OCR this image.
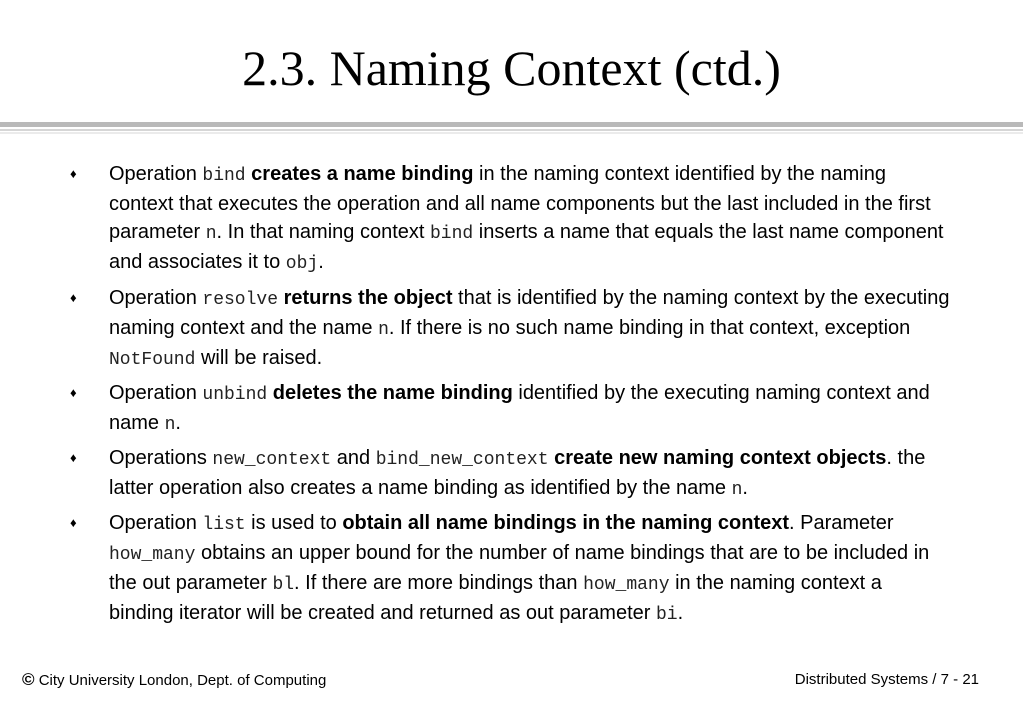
2.3. Naming Context (ctd.)
♦ Operation bind creates a name binding in the naming context identified by the naming context that executes the operation and all name components but the last included in the first parameter n. In that naming context bind inserts a name that equals the last name component and associates it to obj.
♦ Operation resolve returns the object that is identified by the naming context by the executing naming context and the name n. If there is no such name binding in that context, exception NotFound will be raised.
♦ Operation unbind deletes the name binding identified by the executing naming context and name n.
♦ Operations new_context and bind_new_context create new naming context objects. the latter operation also creates a name binding as identified by the name n.
♦ Operation list is used to obtain all name bindings in the naming context. Parameter how_many obtains an upper bound for the number of name bindings that are to be included in the out parameter bl. If there are more bindings than how_many in the naming context a binding iterator will be created and returned as out parameter bi.
© City University London, Dept. of Computing	Distributed Systems / 7 - 21
